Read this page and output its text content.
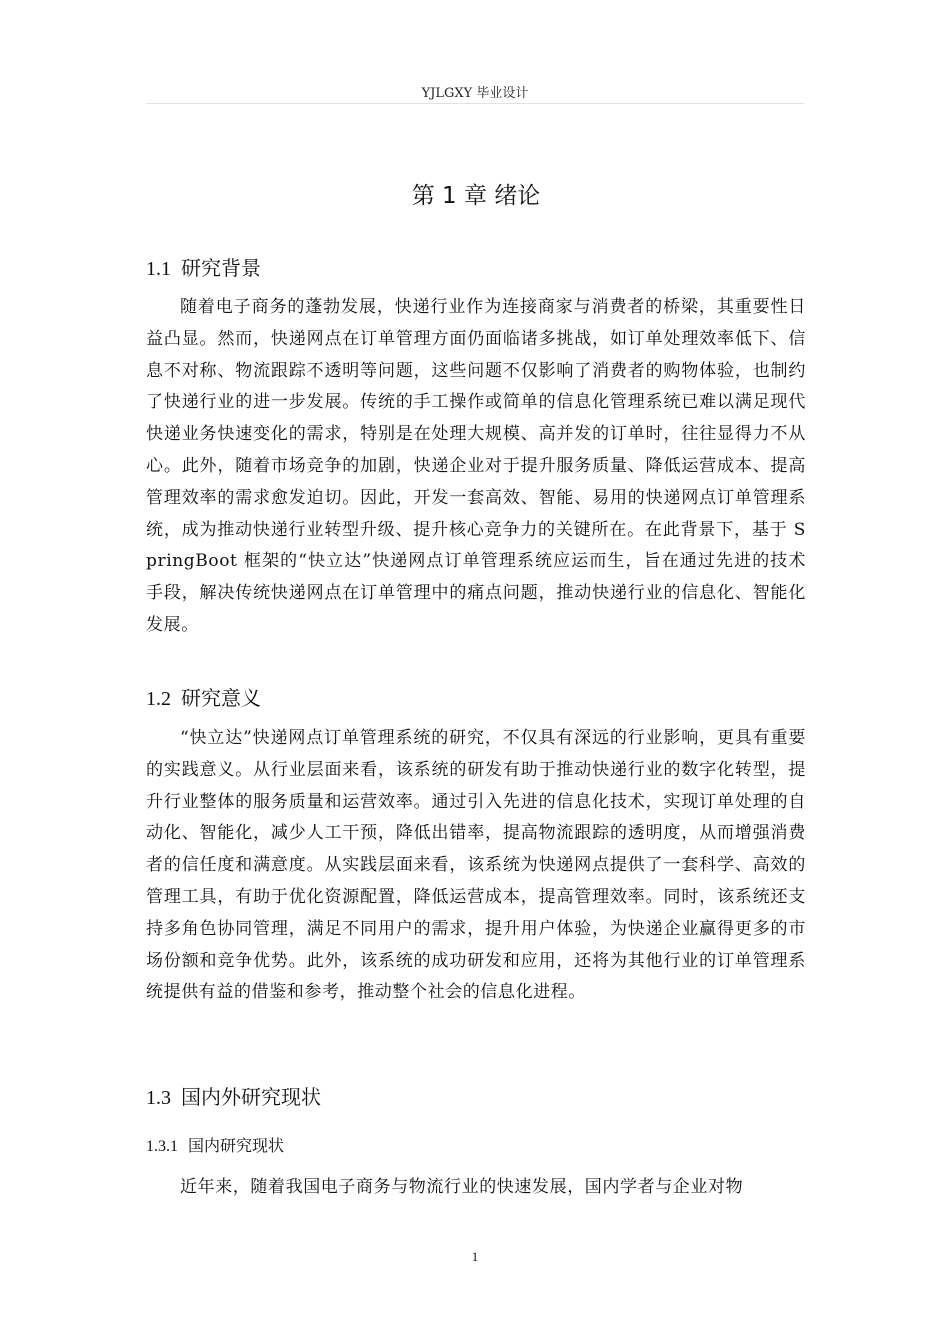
YJLGXY 毕业设计
第 1 章 绪论
1.1 研究背景
随着电子商务的蓬勃发展，快递行业作为连接商家与消费者的桥梁，其重要性日益凸显。然而，快递网点在订单管理方面仍面临诸多挑战，如订单处理效率低下、信息不对称、物流跟踪不透明等问题，这些问题不仅影响了消费者的购物体验，也制约了快递行业的进一步发展。传统的手工操作或简单的信息化管理系统已难以满足现代快递业务快速变化的需求，特别是在处理大规模、高并发的订单时，往往显得力不从心。此外，随着市场竞争的加剧，快递企业对于提升服务质量、降低运营成本、提高管理效率的需求愈发迫切。因此，开发一套高效、智能、易用的快递网点订单管理系统，成为推动快递行业转型升级、提升核心竞争力的关键所在。在此背景下，基于 SpringBoot 框架的“快立达”快递网点订单管理系统应运而生，旨在通过先进的技术手段，解决传统快递网点在订单管理中的痛点问题，推动快递行业的信息化、智能化发展。
1.2 研究意义
“快立达”快递网点订单管理系统的研究，不仅具有深远的行业影响，更具有重要的实践意义。从行业层面来看，该系统的研发有助于推动快递行业的数字化转型，提升行业整体的服务质量和运营效率。通过引入先进的信息化技术，实现订单处理的自动化、智能化，减少人工干预，降低出错率，提高物流跟踪的透明度，从而增强消费者的信任度和满意度。从实践层面来看，该系统为快递网点提供了一套科学、高效的管理工具，有助于优化资源配置，降低运营成本，提高管理效率。同时，该系统还支持多角色协同管理，满足不同用户的需求，提升用户体验，为快递企业赢得更多的市场份额和竞争优势。此外，该系统的成功研发和应用，还将为其他行业的订单管理系统提供有益的借鉴和参考，推动整个社会的信息化进程。
1.3 国内外研究现状
1.3.1 国内研究现状
近年来，随着我国电子商务与物流行业的快速发展，国内学者与企业对物
1
